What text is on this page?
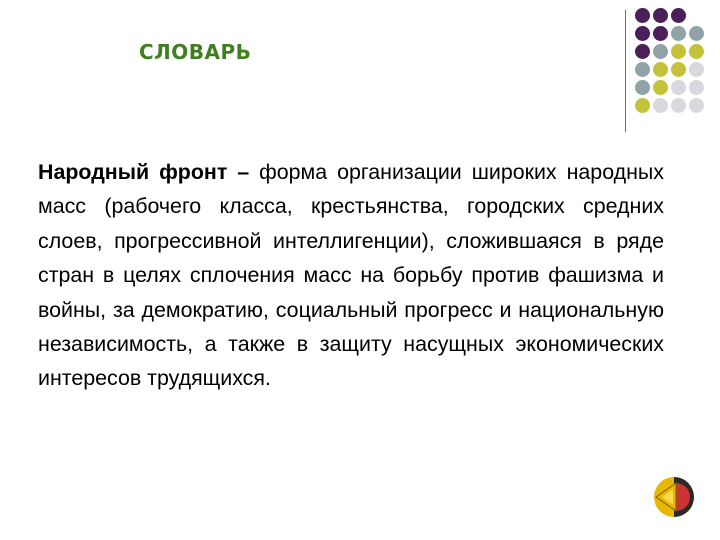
СЛОВАРЬ
Народный фронт – форма организации широких народных масс (рабочего класса, крестьянства, городских средних слоев, прогрессивной интеллигенции), сложившаяся в ряде стран в целях сплочения масс на борьбу против фашизма и войны, за демократию, социальный прогресс и национальную независимость, а также в защиту насущных экономических интересов трудящихся.
